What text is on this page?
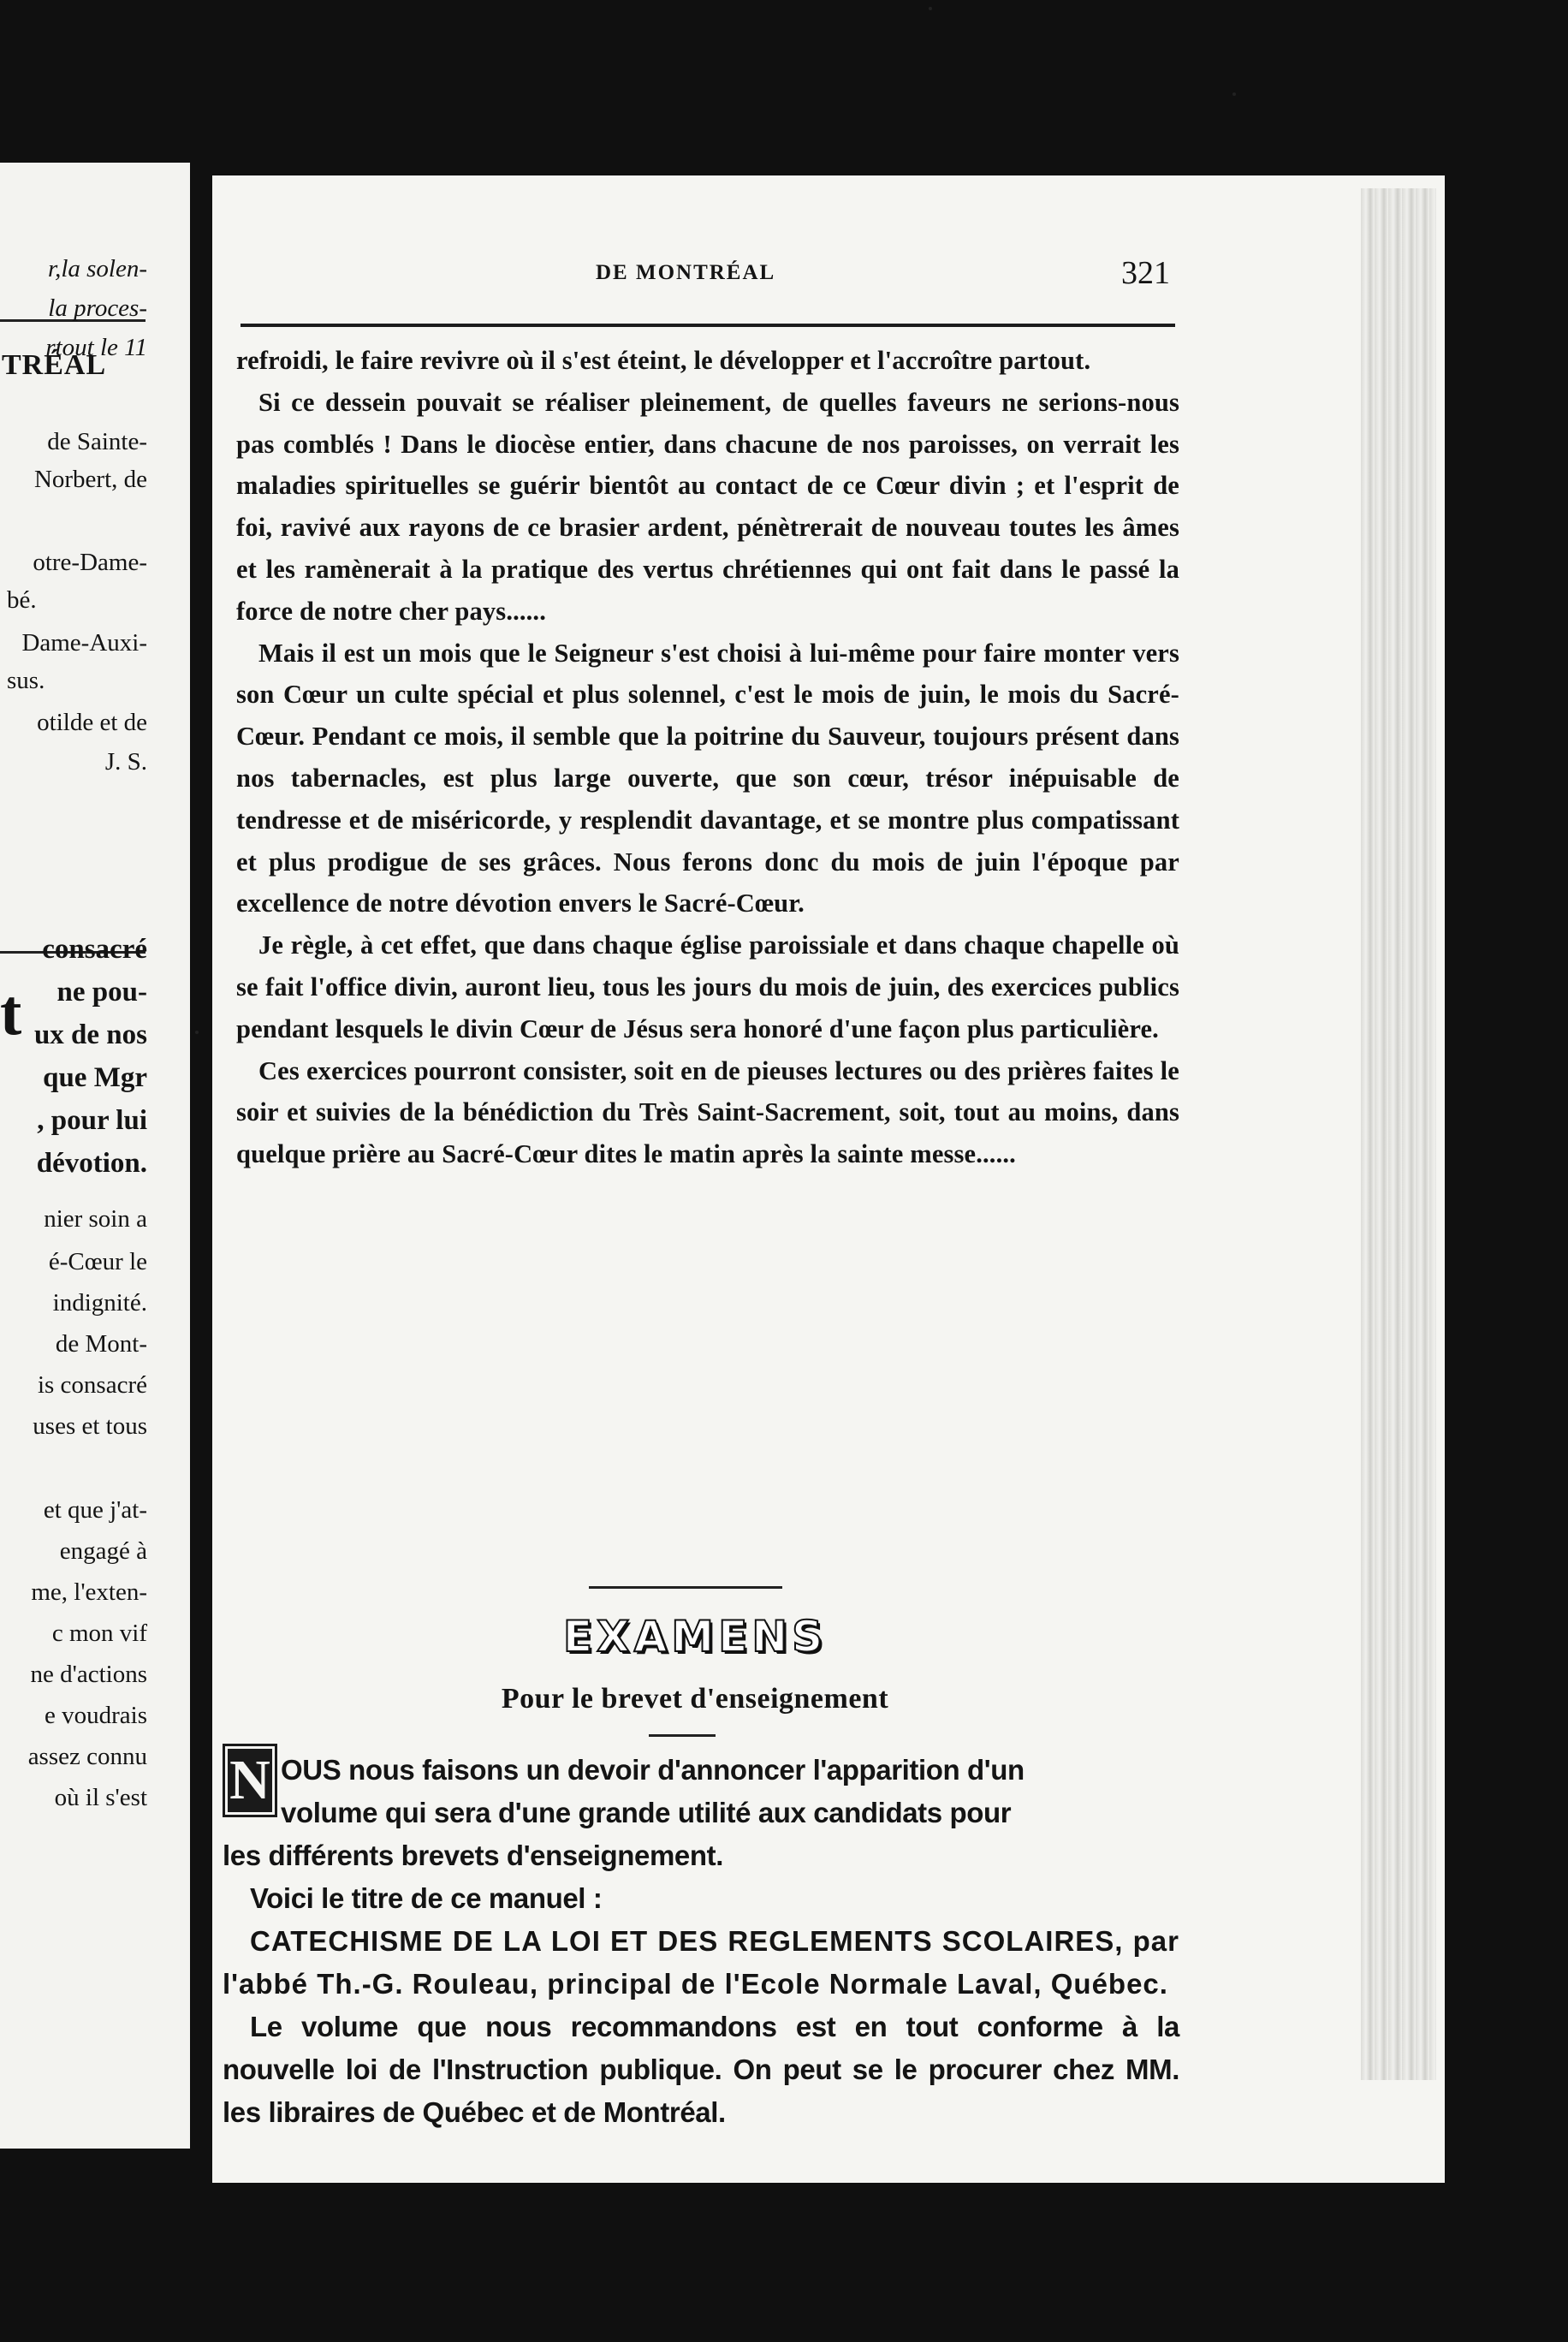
TRÉAL
r,la solen-
la proces-
rtout le 11
de Sainte-
Norbert, de
otre-Dame-
bé.
Dame-Auxi-
sus.
otilde et de
J. S.
t
consacré
ne pou-
ux de nos
que Mgr
, pour lui
dévotion.
nier soin a
é-Cœur le
indignité.
de Mont-
is consacré
uses et tous
et que j'at-
engagé à
me, l'exten-
c mon vif
ne d'actions
e voudrais
assez connu
où il s'est
DE MONTRÉAL	321

refroidi, le faire revivre où il s'est éteint, le développer et l'accroître partout.

Si ce dessein pouvait se réaliser pleinement, de quelles faveurs ne serions-nous pas comblés ! Dans le diocèse entier, dans chacune de nos paroisses, on verrait les maladies spirituelles se guérir bientôt au contact de ce Cœur divin ; et l'esprit de foi, ravivé aux rayons de ce brasier ardent, pénètrerait de nouveau toutes les âmes et les ramènerait à la pratique des vertus chrétiennes qui ont fait dans le passé la force de notre cher pays......

Mais il est un mois que le Seigneur s'est choisi à lui-même pour faire monter vers son Cœur un culte spécial et plus solennel, c'est le mois de juin, le mois du Sacré-Cœur. Pendant ce mois, il semble que la poitrine du Sauveur, toujours présent dans nos tabernacles, est plus large ouverte, que son cœur, trésor inépuisable de tendresse et de miséricorde, y resplendit davantage, et se montre plus compatissant et plus prodigue de ses grâces. Nous ferons donc du mois de juin l'époque par excellence de notre dévotion envers le Sacré-Cœur.

Je règle, à cet effet, que dans chaque église paroissiale et dans chaque chapelle où se fait l'office divin, auront lieu, tous les jours du mois de juin, des exercices publics pendant lesquels le divin Cœur de Jésus sera honoré d'une façon plus particulière.

Ces exercices pourront consister, soit en de pieuses lectures ou des prières faites le soir et suivies de la bénédiction du Très Saint-Sacrement, soit, tout au moins, dans quelque prière au Sacré-Cœur dites le matin après la sainte messe......

EXAMENS
Pour le brevet d'enseignement
N OUS nous faisons un devoir d'annoncer l'apparition d'un

volume qui sera d'une grande utilité aux candidats pour

les différents brevets d'enseignement.

Voici le titre de ce manuel :

CATECHISME DE LA LOI ET DES REGLEMENTS SCOLAIRES, par l'abbé Th.-G. Rouleau, principal de l'Ecole Normale Laval, Québec.

Le volume que nous recommandons est en tout conforme à la nouvelle loi de l'Instruction publique. On peut se le procurer chez MM. les libraires de Québec et de Montréal.
